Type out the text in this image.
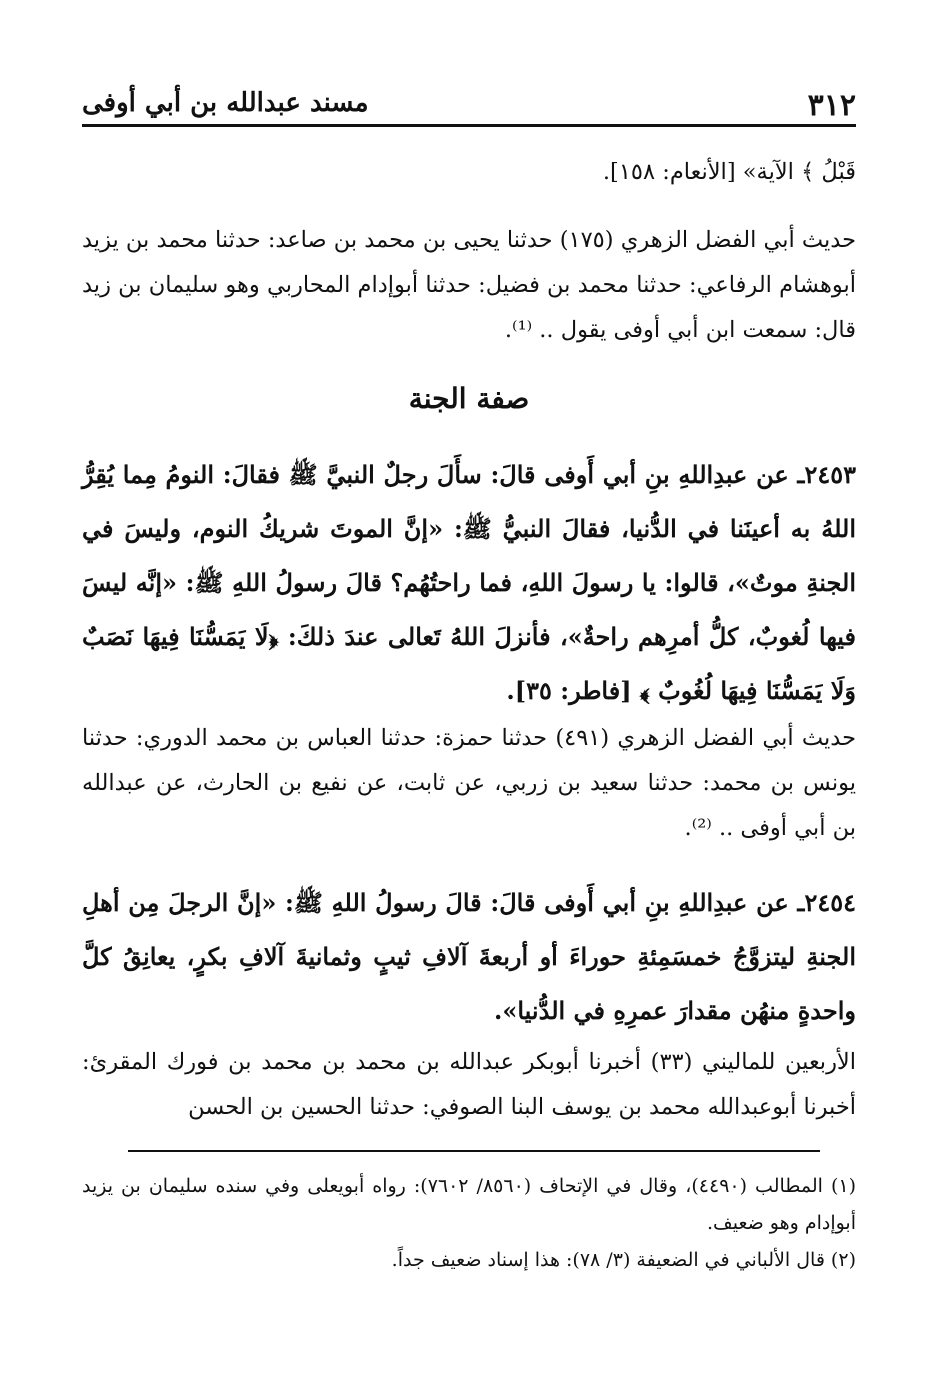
٣١٢
مسند عبدالله بن أبي أوفى

قَبْلُ ﴾ الآية» [الأنعام: ١٥٨].

حديث أبي الفضل الزهري (١٧٥) حدثنا يحيى بن محمد بن صاعد: حدثنا محمد بن يزيد أبوهشام الرفاعي: حدثنا محمد بن فضيل: حدثنا أبوإدام المحاربي وهو سليمان بن زيد قال: سمعت ابن أبي أوفى يقول .. ⁽¹⁾.

صفة الجنة

٢٤٥٣ـ عن عبدِاللهِ بنِ أبي أَوفى قالَ: سأَلَ رجلٌ النبيَّ ﷺ فقالَ: النومُ مِما يُقِرُّ اللهُ به أعينَنا في الدُّنيا، فقالَ النبيُّ ﷺ: «إنَّ الموتَ شريكُ النوم، وليسَ في الجنةِ موتٌ»، قالوا: يا رسولَ اللهِ، فما راحتُهُم؟ قالَ رسولُ اللهِ ﷺ: «إنَّه ليسَ فيها لُغوبٌ، كلُّ أمرِهم راحةٌ»، فأنزلَ اللهُ تَعالى عندَ ذلكَ: ﴿لَا يَمَسُّنَا فِيهَا نَصَبٌ وَلَا يَمَسُّنَا فِيهَا لُغُوبٌ ﴾ [فاطر: ٣٥].

حديث أبي الفضل الزهري (٤٩١) حدثنا حمزة: حدثنا العباس بن محمد الدوري: حدثنا يونس بن محمد: حدثنا سعيد بن زربي، عن ثابت، عن نفيع بن الحارث، عن عبدالله بن أبي أوفى .. ⁽²⁾.

٢٤٥٤ـ عن عبدِاللهِ بنِ أبي أَوفى قالَ: قالَ رسولُ اللهِ ﷺ: «إنَّ الرجلَ مِن أهلِ الجنةِ ليتزوَّجُ خمسَمِئةِ حوراءَ أو أربعةَ آلافِ ثيبٍ وثمانيةَ آلافِ بكرٍ، يعانِقُ كلَّ واحدةٍ منهُن مقدارَ عمرِهِ في الدُّنيا».

الأربعين للماليني (٣٣) أخبرنا أبوبكر عبدالله بن محمد بن محمد بن فورك المقرئ: أخبرنا أبوعبدالله محمد بن يوسف البنا الصوفي: حدثنا الحسين بن الحسن

(١) المطالب (٤٤٩٠)، وقال في الإتحاف (٨٥٦٠/ ٧٦٠٢): رواه أبويعلى وفي سنده سليمان بن يزيد أبوإدام وهو ضعيف.

(٢) قال الألباني في الضعيفة (٣/ ٧٨): هذا إسناد ضعيف جداً.
